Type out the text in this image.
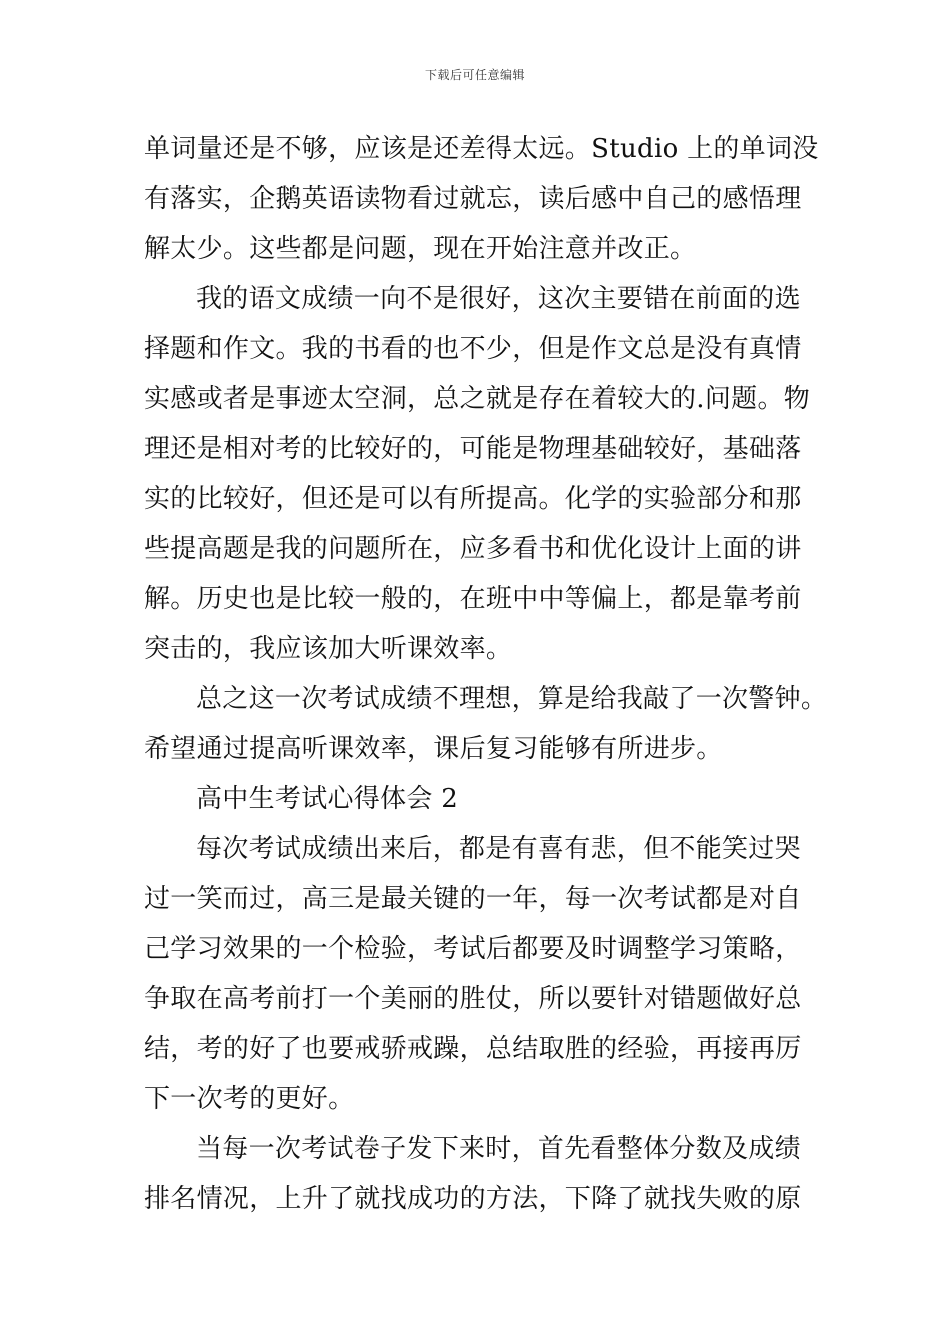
下载后可任意编辑
单词量还是不够，应该是还差得太远。Studio 上的单词没
有落实，企鹅英语读物看过就忘，读后感中自己的感悟理
解太少。这些都是问题，现在开始注意并改正。
我的语文成绩一向不是很好，这次主要错在前面的选
择题和作文。我的书看的也不少，但是作文总是没有真情
实感或者是事迹太空洞，总之就是存在着较大的.问题。物
理还是相对考的比较好的，可能是物理基础较好，基础落
实的比较好，但还是可以有所提高。化学的实验部分和那
些提高题是我的问题所在，应多看书和优化设计上面的讲
解。历史也是比较一般的，在班中中等偏上，都是靠考前
突击的，我应该加大听课效率。
总之这一次考试成绩不理想，算是给我敲了一次警钟。
希望通过提高听课效率，课后复习能够有所进步。
高中生考试心得体会 2
每次考试成绩出来后，都是有喜有悲，但不能笑过哭
过一笑而过，高三是最关键的一年，每一次考试都是对自
己学习效果的一个检验，考试后都要及时调整学习策略，
争取在高考前打一个美丽的胜仗，所以要针对错题做好总
结，考的好了也要戒骄戒躁，总结取胜的经验，再接再厉
下一次考的更好。
当每一次考试卷子发下来时，首先看整体分数及成绩
排名情况，上升了就找成功的方法，下降了就找失败的原
